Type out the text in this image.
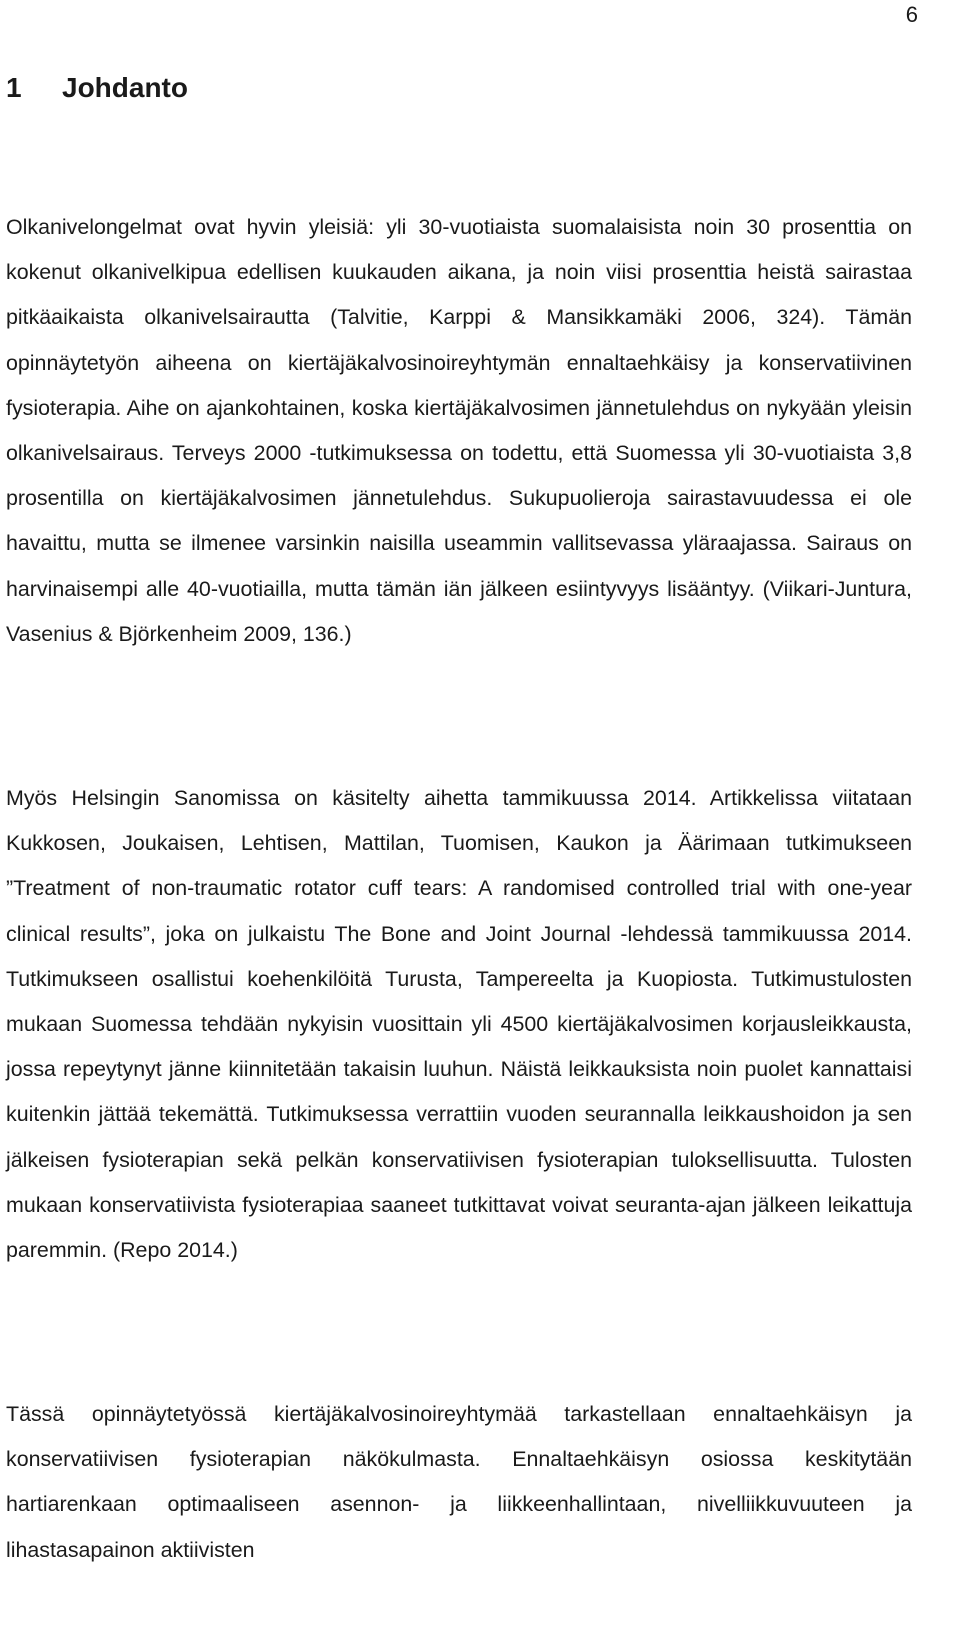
6
1 Johdanto

Olkanivelongelmat ovat hyvin yleisiä: yli 30-vuotiaista suomalaisista noin 30 prosenttia on kokenut olkanivelkipua edellisen kuukauden aikana, ja noin viisi prosenttia heistä sairastaa pitkäaikaista olkanivelsairautta (Talvitie, Karppi & Mansikkamäki 2006, 324). Tämän opinnäytetyön aiheena on kiertäjäkalvosinoireyhtymän ennaltaehkäisy ja konservatiivinen fysioterapia. Aihe on ajankohtainen, koska kiertäjäkalvosimen jännetulehdus on nykyään yleisin olkanivelsairaus. Terveys 2000 -tutkimuksessa on todettu, että Suomessa yli 30-vuotiaista 3,8 prosentilla on kiertäjäkalvosimen jännetulehdus. Sukupuolieroja sairastavuudessa ei ole havaittu, mutta se ilmenee varsinkin naisilla useammin vallitsevassa yläraajassa. Sairaus on harvinaisempi alle 40-vuotiailla, mutta tämän iän jälkeen esiintyvyys lisääntyy. (Viikari-Juntura, Vasenius & Björkenheim 2009, 136.)

Myös Helsingin Sanomissa on käsitelty aihetta tammikuussa 2014. Artikkelissa viitataan Kukkosen, Joukaisen, Lehtisen, Mattilan, Tuomisen, Kaukon ja Äärimaan tutkimukseen ”Treatment of non-traumatic rotator cuff tears: A randomised controlled trial with one-year clinical results”, joka on julkaistu The Bone and Joint Journal -lehdessä tammikuussa 2014. Tutkimukseen osallistui koehenkilöitä Turusta, Tampereelta ja Kuopiosta. Tutkimustulosten mukaan Suomessa tehdään nykyisin vuosittain yli 4500 kiertäjäkalvosimen korjausleikkausta, jossa repeytynyt jänne kiinnitetään takaisin luuhun. Näistä leikkauksista noin puolet kannattaisi kuitenkin jättää tekemättä. Tutkimuksessa verrattiin vuoden seurannalla leikkaushoidon ja sen jälkeisen fysioterapian sekä pelkän konservatiivisen fysioterapian tuloksellisuutta. Tulosten mukaan konservatiivista fysioterapiaa saaneet tutkittavat voivat seuranta-ajan jälkeen leikattuja paremmin. (Repo 2014.)

Tässä opinnäytetyössä kiertäjäkalvosinoireyhtymää tarkastellaan ennaltaehkäisyn ja konservatiivisen fysioterapian näkökulmasta. Ennaltaehkäisyn osiossa keskitytään hartiarenkaan optimaaliseen asennon- ja liikkeenhallintaan, nivelliikkuvuuteen ja lihastasapainon aktiivisten
